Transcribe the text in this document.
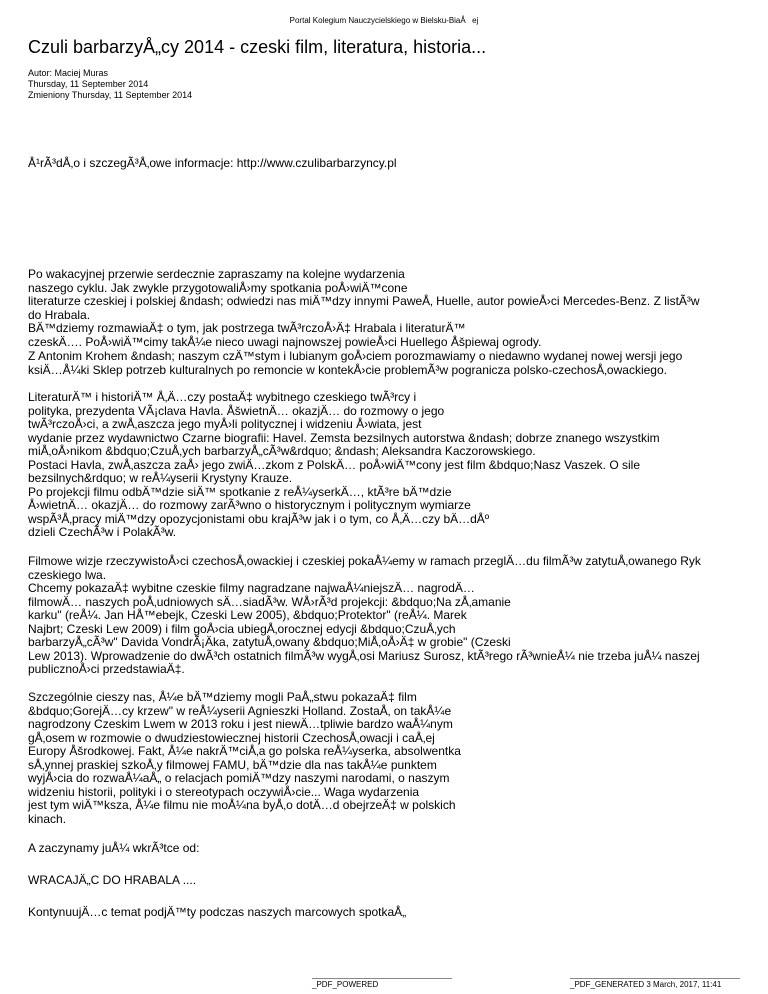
Portal Kolegium Nauczycielskiego w Bielsku-BiaÅej
Czuli barbarzyÅ„cy 2014 - czeski film, literatura, historia...
Autor: Maciej Muras
Thursday, 11 September 2014
Zmieniony Thursday, 11 September 2014
Å¹rÃ³dÅ‚o i szczegÃ³Å‚owe informacje: http://www.czulibarbarzyncy.pl
Po wakacyjnej przerwie serdecznie zapraszamy na kolejne wydarzenia
naszego cyklu. Jak zwykle przygotowaliÅ›my spotkania poÅ›wiÄ™cone
literaturze czeskiej i polskiej &ndash; odwiedzi nas miÄ™dzy innymi PaweÅ‚ Huelle, autor powieÅ›ci Mercedes-Benz. Z listÃ³w
do Hrabala.
BÄ™dziemy rozmawiaÄ‡ o tym, jak postrzega twÃ³rczoÅ›Ä‡ Hrabala i literaturÄ™
czeskÄ…. PoÅ›wiÄ™cimy takÅ¼e nieco uwagi najnowszej powieÅ›ci Huellego Åšpiewaj ogrody.
Z Antonim Krohem &ndash; naszym czÄ™stym i lubianym goÅ›ciem porozmawiamy o niedawno wydanej nowej wersji jego
ksiÄ…Å¼ki Sklep potrzeb kulturalnych po remoncie w kontekÅ›cie problemÃ³w pogranicza polsko-czechosÅ‚owackiego.
LiteraturÄ™ i historiÄ™ Å‚Ä…czy postaÄ‡ wybitnego czeskiego twÃ³rcy i
polityka, prezydenta VÃ¡clava Havla. ÅšwietnÄ… okazjÄ… do rozmowy o jego
twÃ³rczoÅ›ci, a zwÅ‚aszcza jego myÅ›li politycznej i widzeniu Å›wiata, jest
wydanie przez wydawnictwo Czarne biografii: Havel. Zemsta bezsilnych autorstwa &ndash; dobrze znanego wszystkim
miÅ‚oÅ›nikom &bdquo;CzuÅ‚ych barbarzyÅ„cÃ³w&rdquo; &ndash; Aleksandra Kaczorowskiego.
Postaci Havla, zwÅ‚aszcza zaÅ› jego zwiÄ…zkom z PolskÄ… poÅ›wiÄ™cony jest film &bdquo;Nasz Vaszek. O sile
bezsilnych&rdquo; w reÅ¼yserii Krystyny Krauze.
Po projekcji filmu odbÄ™dzie siÄ™ spotkanie z reÅ¼yserkÄ…, ktÃ³re bÄ™dzie
Å›wietnÄ… okazjÄ… do rozmowy zarÃ³wno o historycznym i politycznym wymiarze
wspÃ³Å‚pracy miÄ™dzy opozycjonistami obu krajÃ³w jak i o tym, co Å‚Ä…czy bÄ…dÅº
dzieli CzechÃ³w i PolakÃ³w.
Filmowe wizje rzeczywistoÅ›ci czechosÅ‚owackiej i czeskiej pokaÅ¼emy w ramach przeglÄ…du filmÃ³w zatytuÅ‚owanego Ryk
czeskiego lwa.
Chcemy pokazaÄ‡ wybitne czeskie filmy nagradzane najwaÅ¼niejszÄ… nagrodÄ…
filmowÄ… naszych poÅ‚udniowych sÄ…siadÃ³w. WÅ›rÃ³d projekcji: &bdquo;Na zÅ‚amanie
karku" (reÅ¼. Jan HÅ™ebejk, Czeski Lew 2005), &bdquo;Protektor" (reÅ¼. Marek
Najbrt; Czeski Lew 2009) i film goÅ›cia ubiegÅ‚orocznej edycji &bdquo;CzuÅ‚ych
barbarzyÅ„cÃ³w" Davida VondrÃ¡Äka, zatytuÅ‚owany &bdquo;MiÅ‚oÅ›Ä‡ w grobie" (Czeski
Lew 2013). Wprowadzenie do dwÃ³ch ostatnich filmÃ³w wygÅ‚osi Mariusz Surosz, ktÃ³rego rÃ³wnieÅ¼ nie trzeba juÅ¼ naszej
publicznoÅ›ci przedstawiaÄ‡.
Szczególnie cieszy nas, Å¼e bÄ™dziemy mogli PaÅ„stwu pokazaÄ‡ film
&bdquo;GorejÄ…cy krzew" w reÅ¼yserii Agnieszki Holland. ZostaÅ‚ on takÅ¼e
nagrodzony Czeskim Lwem w 2013 roku i jest niewÄ…tpliwie bardzo waÅ¼nym
gÅ‚osem w rozmowie o dwudziestowiecznej historii CzechosÅ‚owacji i caÅ‚ej
Europy Åšrodkowej. Fakt, Å¼e nakrÄ™ciÅ‚a go polska reÅ¼yserka, absolwentka
sÅ‚ynnej praskiej szkoÅ‚y filmowej FAMU, bÄ™dzie dla nas takÅ¼e punktem
wyjÅ›cia do rozwaÅ¼aÅ„ o relacjach pomiÄ™dzy naszymi narodami, o naszym
widzeniu historii, polityki i o stereotypach oczywiÅ›cie... Waga wydarzenia
jest tym wiÄ™ksza, Å¼e filmu nie moÅ¼na byÅ‚o dotÄ…d obejrzeÄ‡ w polskich
kinach.
A zaczynamy juÅ¼ wkrÃ³tce od:
WRACAJÄ„C DO HRABALA ....
KontynuujÄ…c temat podjÄ™ty podczas naszych marcowych spotkaÅ„
_PDF_POWERED	_PDF_GENERATED 3 March, 2017, 11:41
